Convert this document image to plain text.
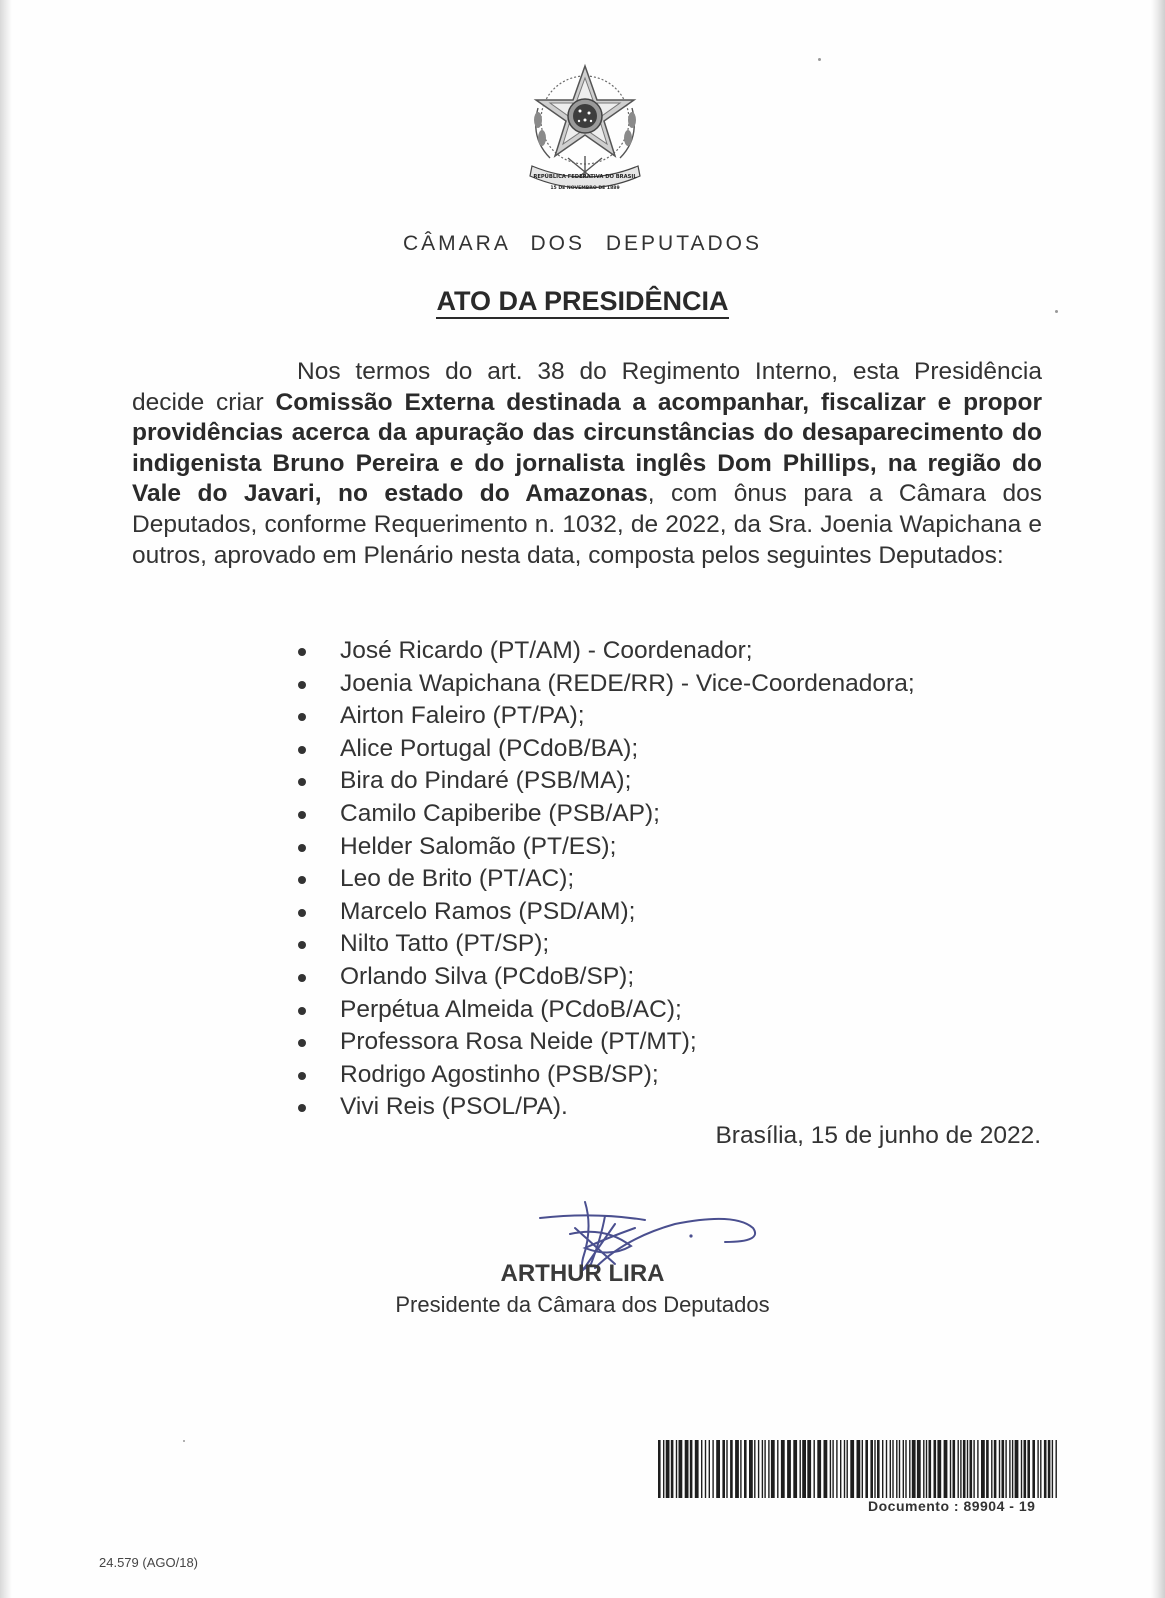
REPÚBLICA FEDERATIVA DO BRASIL
15 DE NOVEMBRO DE 1889
CÂMARA DOS DEPUTADOS
ATO DA PRESIDÊNCIA
Nos termos do art. 38 do Regimento Interno, esta Presidência decide criar Comissão Externa destinada a acompanhar, fiscalizar e propor providências acerca da apuração das circunstâncias do desaparecimento do indigenista Bruno Pereira e do jornalista inglês Dom Phillips, na região do Vale do Javari, no estado do Amazonas, com ônus para a Câmara dos Deputados, conforme Requerimento n. 1032, de 2022, da Sra. Joenia Wapichana e outros, aprovado em Plenário nesta data, composta pelos seguintes Deputados:
José Ricardo (PT/AM) - Coordenador;
Joenia Wapichana (REDE/RR) - Vice-Coordenadora;
Airton Faleiro (PT/PA);
Alice Portugal (PCdoB/BA);
Bira do Pindaré (PSB/MA);
Camilo Capiberibe (PSB/AP);
Helder Salomão (PT/ES);
Leo de Brito (PT/AC);
Marcelo Ramos (PSD/AM);
Nilto Tatto (PT/SP);
Orlando Silva (PCdoB/SP);
Perpétua Almeida (PCdoB/AC);
Professora Rosa Neide (PT/MT);
Rodrigo Agostinho (PSB/SP);
Vivi Reis (PSOL/PA).
Brasília, 15 de junho de 2022.
ARTHUR LIRA
Presidente da Câmara dos Deputados
Documento : 89904 - 19
24.579 (AGO/18)
